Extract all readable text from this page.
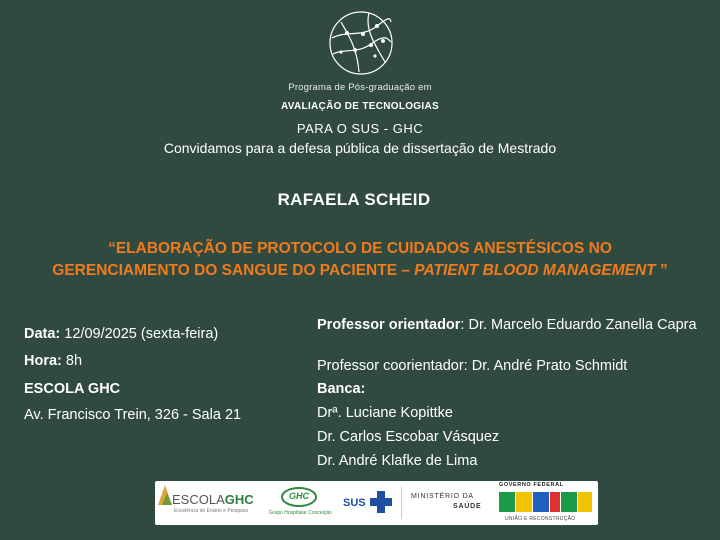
Programa de Pós-graduação em
AVALIAÇÃO DE TECNOLOGIAS
PARA O SUS - GHC
Convidamos para a defesa pública de dissertação de Mestrado
RAFAELA SCHEID
“ELABORAÇÃO DE PROTOCOLO DE CUIDADOS ANESTÉSICOS NO GERENCIAMENTO DO SANGUE DO PACIENTE – PATIENT BLOOD MANAGEMENT ”
Data: 12/09/2025 (sexta-feira)
Hora: 8h
ESCOLA GHC
Av. Francisco Trein, 326 - Sala 21
Professor orientador: Dr. Marcelo Eduardo Zanella Capra
Professor coorientador: Dr. André Prato Schmidt
Banca:
Drª. Luciane Kopittke
Dr. Carlos Escobar Vásquez
Dr. André Klafke de Lima
ESCOLAGHC
Excelência de Ensino e Pesquisa
GHC
Grupo Hospitalar Conceição
SUS
MINISTÉRIO DA
SAÚDE
GOVERNO FEDERAL
UNIÃO E RECONSTRUÇÃO
